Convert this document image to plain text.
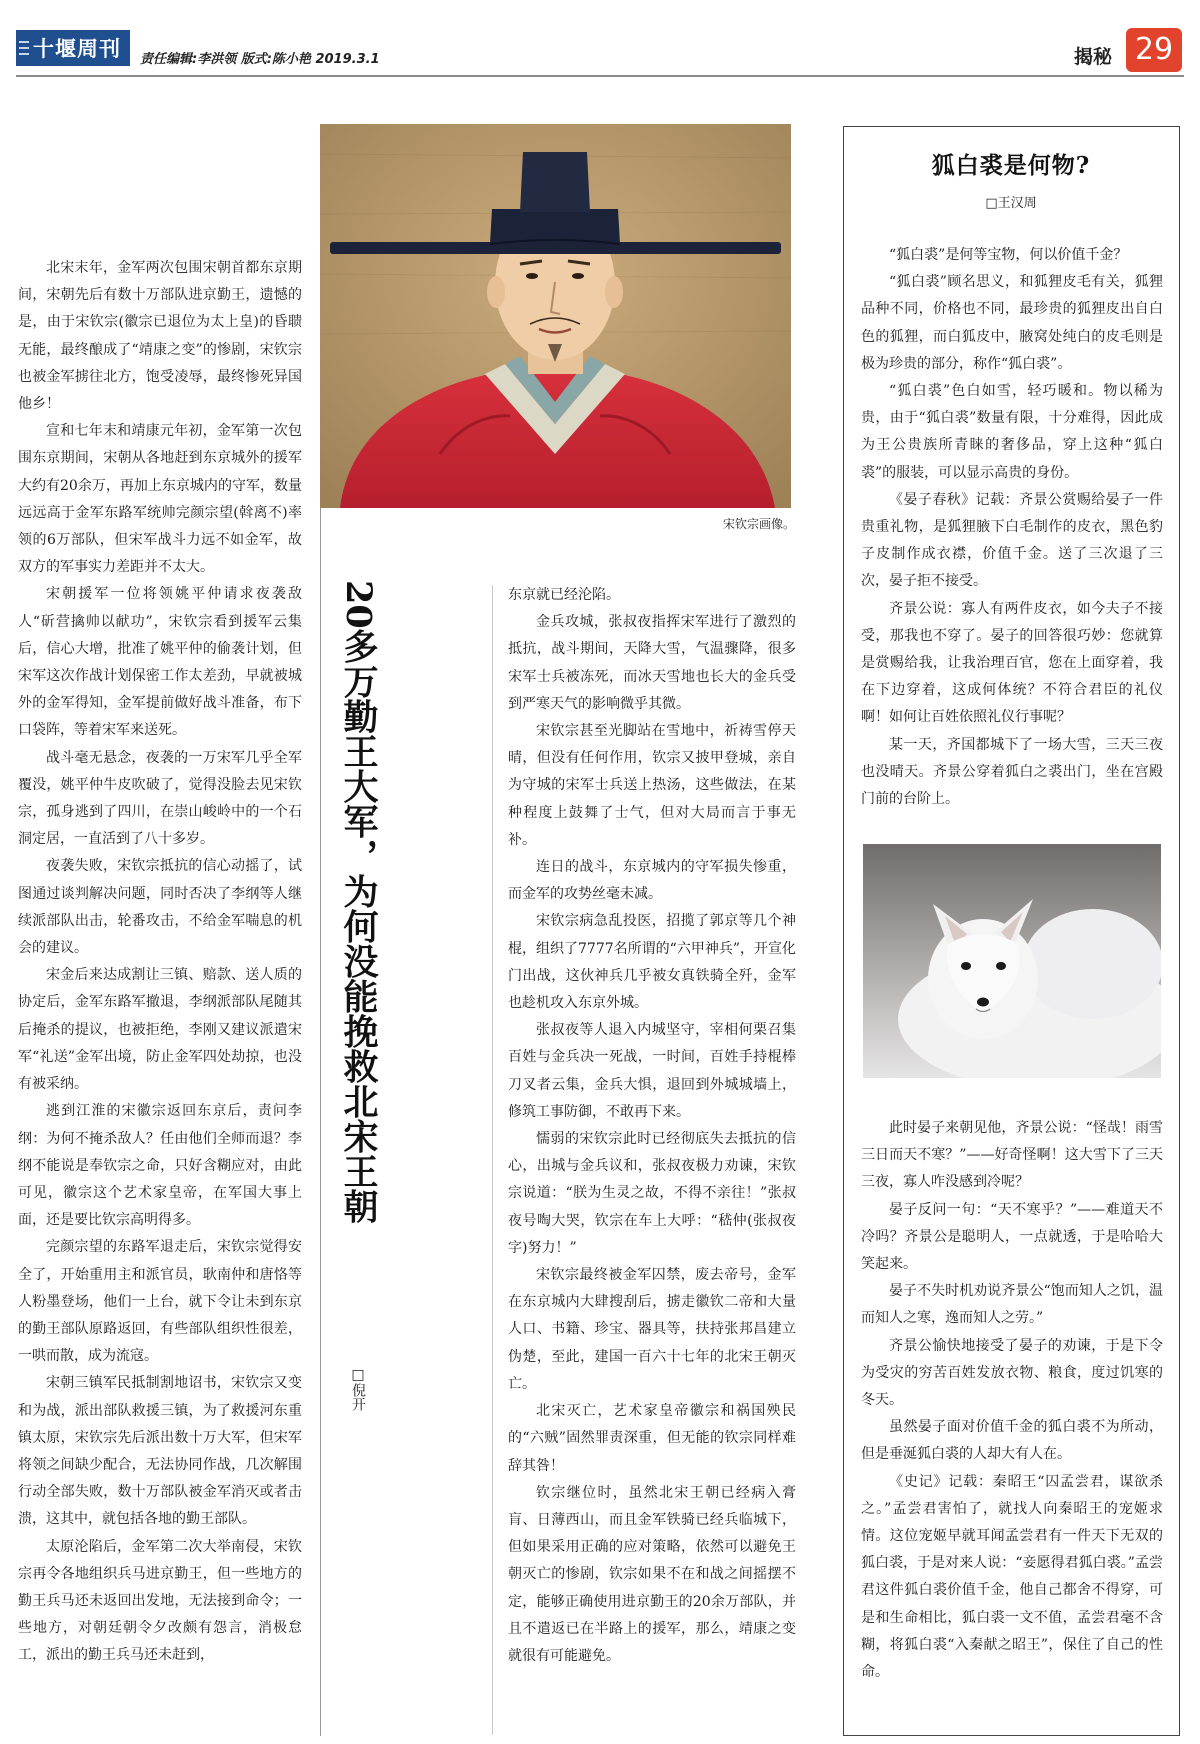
十堰周刊 责任编辑:李洪领 版式:陈小艳 2019.3.1	揭秘 29

北宋末年，金军两次包围宋朝首都东京期间，宋朝先后有数十万部队进京勤王，遗憾的是，由于宋钦宗(徽宗已退位为太上皇)的昏聩无能，最终酿成了“靖康之变”的惨剧，宋钦宗也被金军掳往北方，饱受凌辱，最终惨死异国他乡！

宣和七年末和靖康元年初，金军第一次包围东京期间，宋朝从各地赶到东京城外的援军大约有20余万，再加上东京城内的守军，数量远远高于金军东路军统帅完颜宗望(斡离不)率领的6万部队，但宋军战斗力远不如金军，故双方的军事实力差距并不太大。

宋朝援军一位将领姚平仲请求夜袭敌人“斫营擒帅以献功”，宋钦宗看到援军云集后，信心大增，批准了姚平仲的偷袭计划，但宋军这次作战计划保密工作太差劲，早就被城外的金军得知，金军提前做好战斗准备，布下口袋阵，等着宋军来送死。

战斗毫无悬念，夜袭的一万宋军几乎全军覆没，姚平仲牛皮吹破了，觉得没脸去见宋钦宗，孤身逃到了四川，在崇山峻岭中的一个石洞定居，一直活到了八十多岁。

夜袭失败，宋钦宗抵抗的信心动摇了，试图通过谈判解决问题，同时否决了李纲等人继续派部队出击，轮番攻击，不给金军喘息的机会的建议。

宋金后来达成割让三镇、赔款、送人质的协定后，金军东路军撤退，李纲派部队尾随其后掩杀的提议，也被拒绝，李刚又建议派遣宋军“礼送”金军出境，防止金军四处劫掠，也没有被采纳。

逃到江淮的宋徽宗返回东京后，责问李纲：为何不掩杀敌人？任由他们全师而退？李纲不能说是奉钦宗之命，只好含糊应对，由此可见，徽宗这个艺术家皇帝，在军国大事上面，还是要比钦宗高明得多。

完颜宗望的东路军退走后，宋钦宗觉得安全了，开始重用主和派官员，耿南仲和唐恪等人粉墨登场，他们一上台，就下令让未到东京的勤王部队原路返回，有些部队组织性很差，一哄而散，成为流寇。

宋朝三镇军民抵制割地诏书，宋钦宗又变和为战，派出部队救援三镇，为了救援河东重镇太原，宋钦宗先后派出数十万大军，但宋军将领之间缺少配合，无法协同作战，几次解围行动全部失败，数十万部队被金军消灭或者击溃，这其中，就包括各地的勤王部队。

太原沦陷后，金军第二次大举南侵，宋钦宗再令各地组织兵马进京勤王，但一些地方的勤王兵马还未返回出发地，无法接到命令；一些地方，对朝廷朝令夕改颇有怨言，消极怠工，派出的勤王兵马还未赶到，

宋钦宗画像。
20多万勤王大军，为何没能挽救北宋王朝
□倪开

东京就已经沦陷。

金兵攻城，张叔夜指挥宋军进行了激烈的抵抗，战斗期间，天降大雪，气温骤降，很多宋军士兵被冻死，而冰天雪地也长大的金兵受到严寒天气的影响微乎其微。

宋钦宗甚至光脚站在雪地中，祈祷雪停天晴，但没有任何作用，钦宗又披甲登城，亲自为守城的宋军士兵送上热汤，这些做法，在某种程度上鼓舞了士气，但对大局而言于事无补。

连日的战斗，东京城内的守军损失惨重，而金军的攻势丝毫未减。

宋钦宗病急乱投医，招揽了郭京等几个神棍，组织了7777名所谓的“六甲神兵”，开宣化门出战，这伙神兵几乎被女真铁骑全歼，金军也趁机攻入东京外城。

张叔夜等人退入内城坚守，宰相何栗召集百姓与金兵决一死战，一时间，百姓手持棍棒刀叉者云集，金兵大惧，退回到外城城墙上，修筑工事防御，不敢再下来。

懦弱的宋钦宗此时已经彻底失去抵抗的信心，出城与金兵议和，张叔夜极力劝谏，宋钦宗说道：“朕为生灵之故，不得不亲往！”张叔夜号啕大哭，钦宗在车上大呼：“嵇仲(张叔夜字)努力！”

宋钦宗最终被金军囚禁，废去帝号，金军在东京城内大肆搜刮后，掳走徽钦二帝和大量人口、书籍、珍宝、器具等，扶持张邦昌建立伪楚，至此，建国一百六十七年的北宋王朝灭亡。

北宋灭亡，艺术家皇帝徽宗和祸国殃民的“六贼”固然罪责深重，但无能的钦宗同样难辞其咎！

钦宗继位时，虽然北宋王朝已经病入膏肓、日薄西山，而且金军铁骑已经兵临城下，但如果采用正确的应对策略，依然可以避免王朝灭亡的惨剧，钦宗如果不在和战之间摇摆不定，能够正确使用进京勤王的20余万部队，并且不遣返已在半路上的援军，那么，靖康之变就很有可能避免。

狐白裘是何物?
□王汉周

“狐白裘”是何等宝物，何以价值千金？

“狐白裘”顾名思义，和狐狸皮毛有关，狐狸品种不同，价格也不同，最珍贵的狐狸皮出自白色的狐狸，而白狐皮中，腋窝处纯白的皮毛则是极为珍贵的部分，称作“狐白裘”。

“狐白裘”色白如雪，轻巧暖和。物以稀为贵，由于“狐白裘”数量有限，十分难得，因此成为王公贵族所青睐的奢侈品，穿上这种“狐白裘”的服装，可以显示高贵的身份。

《晏子春秋》记载：齐景公赏赐给晏子一件贵重礼物，是狐狸腋下白毛制作的皮衣，黑色豹子皮制作成衣襟，价值千金。送了三次退了三次，晏子拒不接受。

齐景公说：寡人有两件皮衣，如今夫子不接受，那我也不穿了。晏子的回答很巧妙：您就算是赏赐给我，让我治理百官，您在上面穿着，我在下边穿着，这成何体统？不符合君臣的礼仪啊！如何让百姓依照礼仪行事呢？

某一天，齐国都城下了一场大雪，三天三夜也没晴天。齐景公穿着狐白之裘出门，坐在宫殿门前的台阶上。

此时晏子来朝见他，齐景公说：“怪哉！雨雪三日而天不寒？”——好奇怪啊！这大雪下了三天三夜，寡人咋没感到冷呢？

晏子反问一句：“天不寒乎？”——难道天不冷吗？齐景公是聪明人，一点就透，于是哈哈大笑起来。

晏子不失时机劝说齐景公“饱而知人之饥，温而知人之寒，逸而知人之劳。”

齐景公愉快地接受了晏子的劝谏，于是下令为受灾的穷苦百姓发放衣物、粮食，度过饥寒的冬天。

虽然晏子面对价值千金的狐白裘不为所动，但是垂涎狐白裘的人却大有人在。

《史记》记载：秦昭王“囚孟尝君，谋欲杀之。”孟尝君害怕了，就找人向秦昭王的宠姬求情。这位宠姬早就耳闻孟尝君有一件天下无双的狐白裘，于是对来人说：“妾愿得君狐白裘。”孟尝君这件狐白裘价值千金，他自己都舍不得穿，可是和生命相比，狐白裘一文不值，孟尝君毫不含糊，将狐白裘“入秦献之昭王”，保住了自己的性命。
